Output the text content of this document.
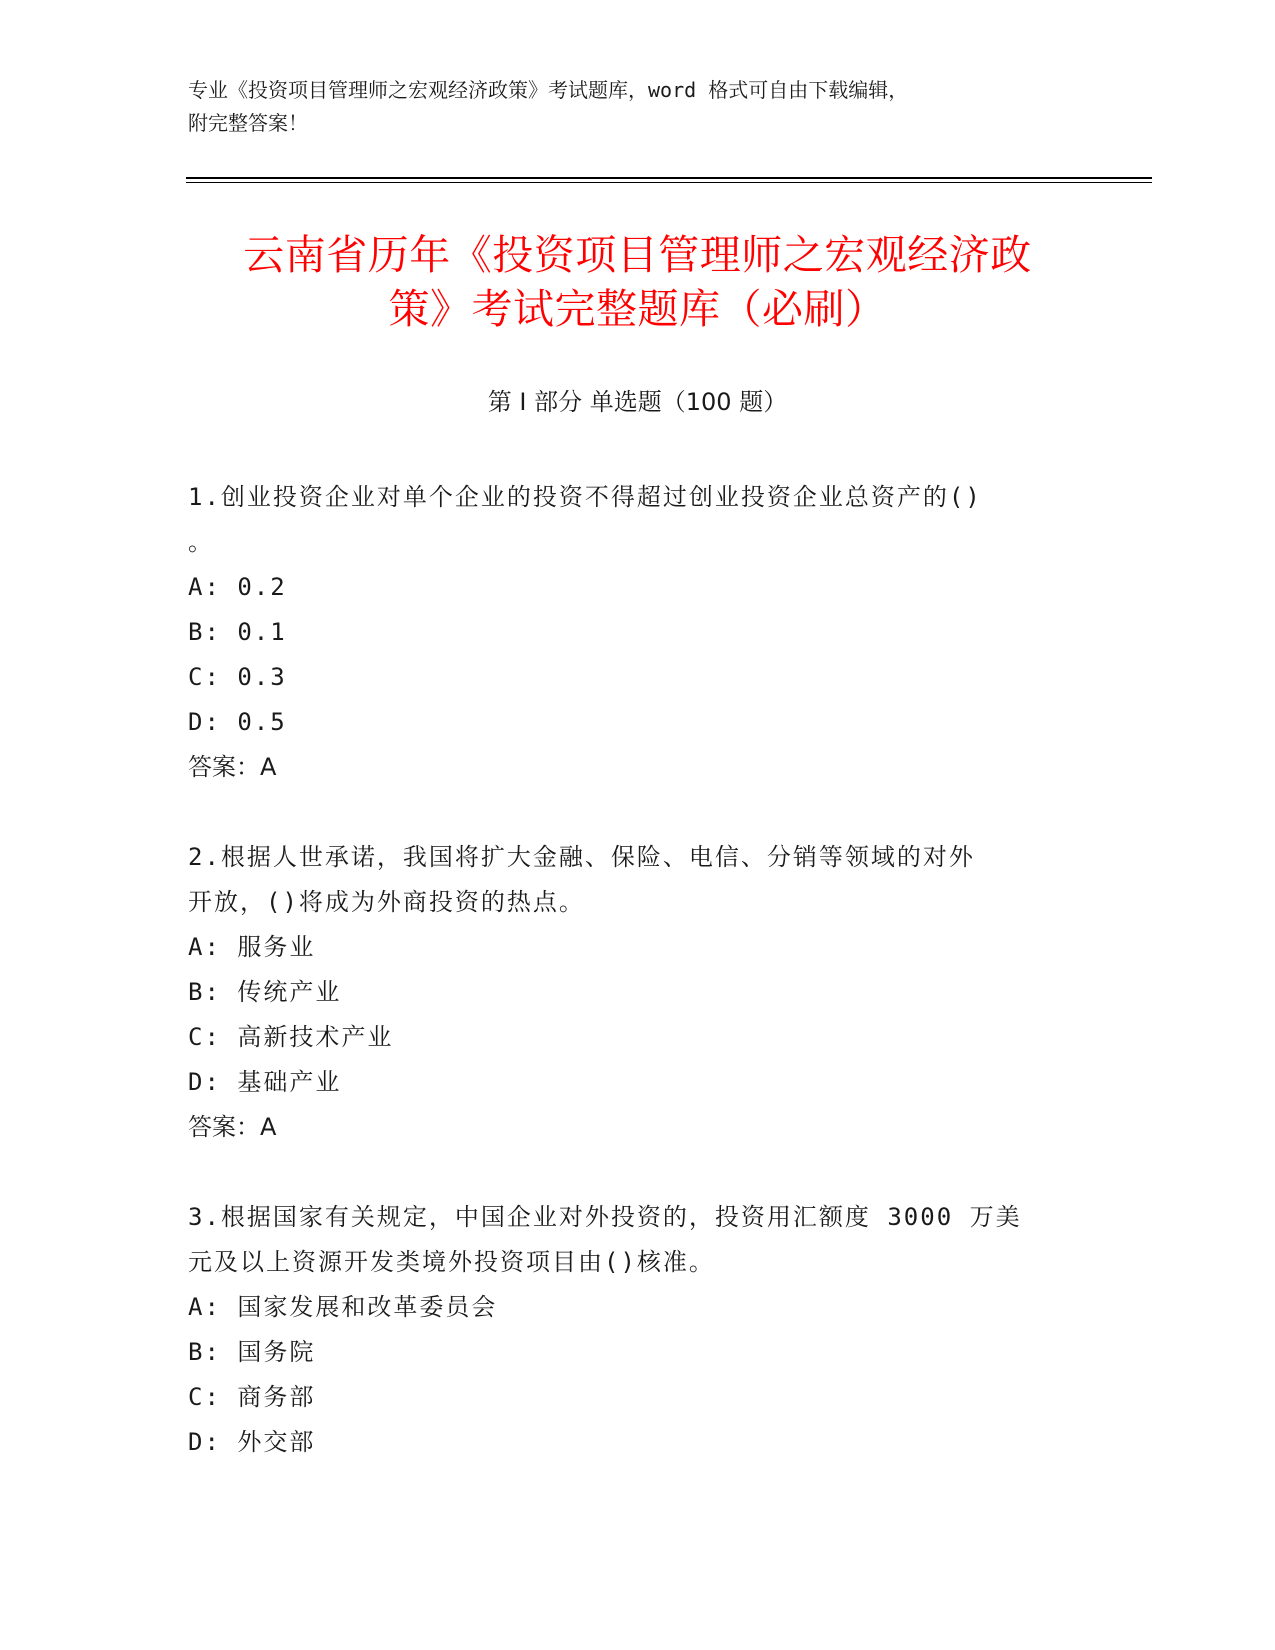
专业《投资项目管理师之宏观经济政策》考试题库，word 格式可自由下载编辑，
附完整答案！
云南省历年《投资项目管理师之宏观经济政
策》考试完整题库（必刷）
第 I 部分 单选题（100 题）
1.创业投资企业对单个企业的投资不得超过创业投资企业总资产的()
。
A: 0.2
B: 0.1
C: 0.3
D: 0.5
答案：A
2.根据人世承诺，我国将扩大金融、保险、电信、分销等领域的对外
开放，()将成为外商投资的热点。
A: 服务业
B: 传统产业
C: 高新技术产业
D: 基础产业
答案：A
3.根据国家有关规定，中国企业对外投资的，投资用汇额度 3000 万美
元及以上资源开发类境外投资项目由()核准。
A: 国家发展和改革委员会
B: 国务院
C: 商务部
D: 外交部
